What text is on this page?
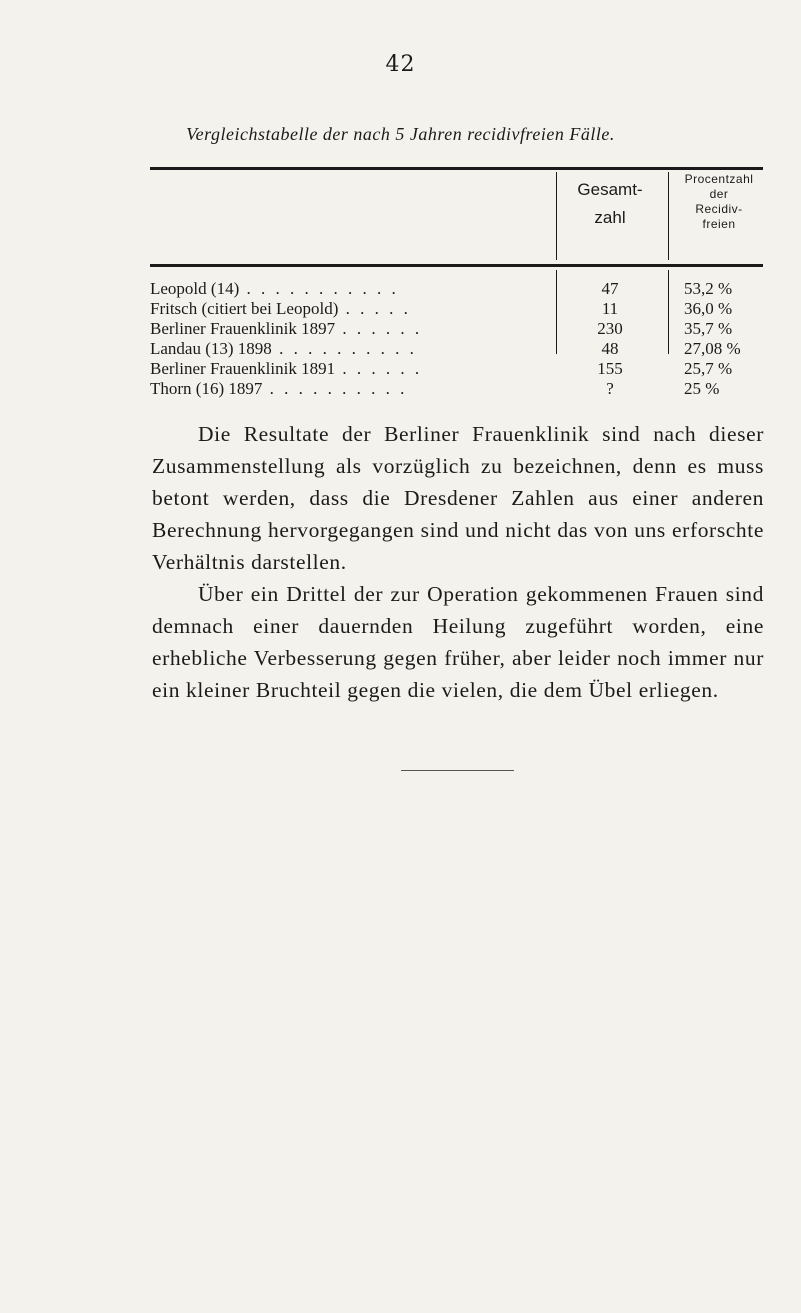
42
Vergleichstabelle der nach 5 Jahren recidivfreien Fälle.
Gesamt-
zahl
Procentzahl
der
Recidiv-
freien
Leopold (14) . . . . . . . . . . .	47	53,2 %
Fritsch (citiert bei Leopold) . . . . .	11	36,0 %
Berliner Frauenklinik 1897 . . . . . .	230	35,7 %
Landau (13) 1898 . . . . . . . . . .	48	27,08 %
Berliner Frauenklinik 1891 . . . . . .	155	25,7 %
Thorn (16) 1897 . . . . . . . . . .	?	25 %

Die Resultate der Berliner Frauenklinik sind nach dieser Zusammenstellung als vorzüglich zu bezeichnen, denn es muss betont werden, dass die Dresdener Zahlen aus einer anderen Berechnung hervorgegangen sind und nicht das von uns erforschte Verhältnis darstellen.

Über ein Drittel der zur Operation gekommenen Frauen sind demnach einer dauernden Heilung zugeführt worden, eine erhebliche Verbesserung gegen früher, aber leider noch immer nur ein kleiner Bruchteil gegen die vielen, die dem Übel erliegen.
